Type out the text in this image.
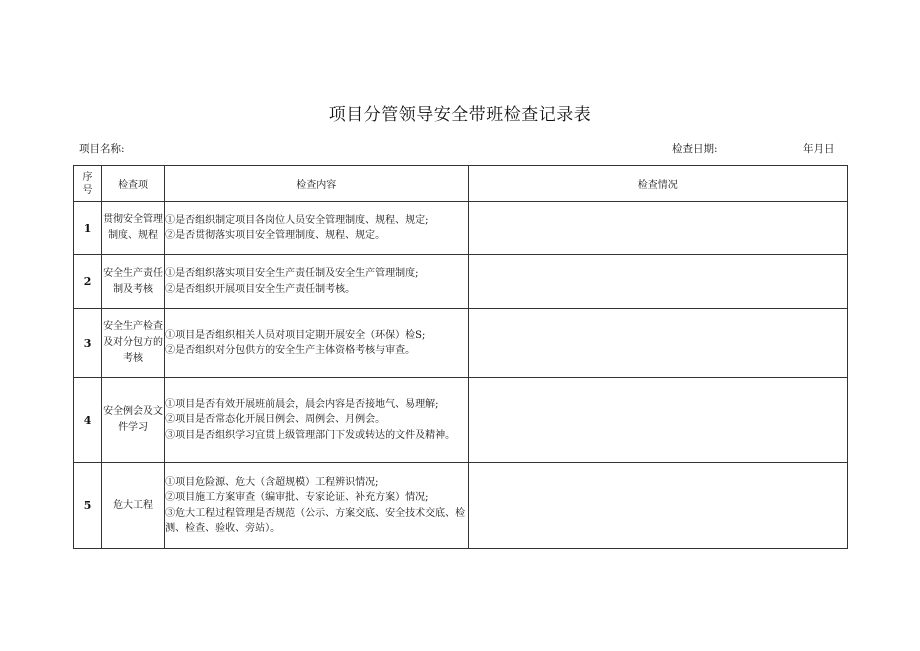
项目分管领导安全带班检查记录表
项目名称:	检查日期:	年月日
序
号	检查项	检查内容	检查情况
1	贯彻安全管理制度、规程	①是否组织制定项目各岗位人员安全管理制度、规程、规定;
②是否贯彻落实项目安全管理制度、规程、规定。	

2	安全生产责任制及考核	①是否组织落实项目安全生产责任制及安全生产管理制度;
②是否组织开展项目安全生产责任制考核。	

3	安全生产检查及对分包方的考核	①项目是否组织相关人员对项目定期开展安全（环保）检S;
②是否组织对分包供方的安全生产主体资格考核与审查。	

4	安全例会及文件学习	①项目是否有效开展班前晨会，晨会内容是否接地气、易理解;
②项目是否常态化开展日例会、周例会、月例会。
③项目是否组织学习宜贯上级管理部门下发或转达的文件及精神。	

5	危大工程	①项目危险源、危大（含超规模）工程辨识情况;
②项目施工方案审查（编审批、专家论证、补充方案）情况;
③危大工程过程管理是否规范（公示、方案交底、安全技术交底、检测、检查、验收、旁站）。	
